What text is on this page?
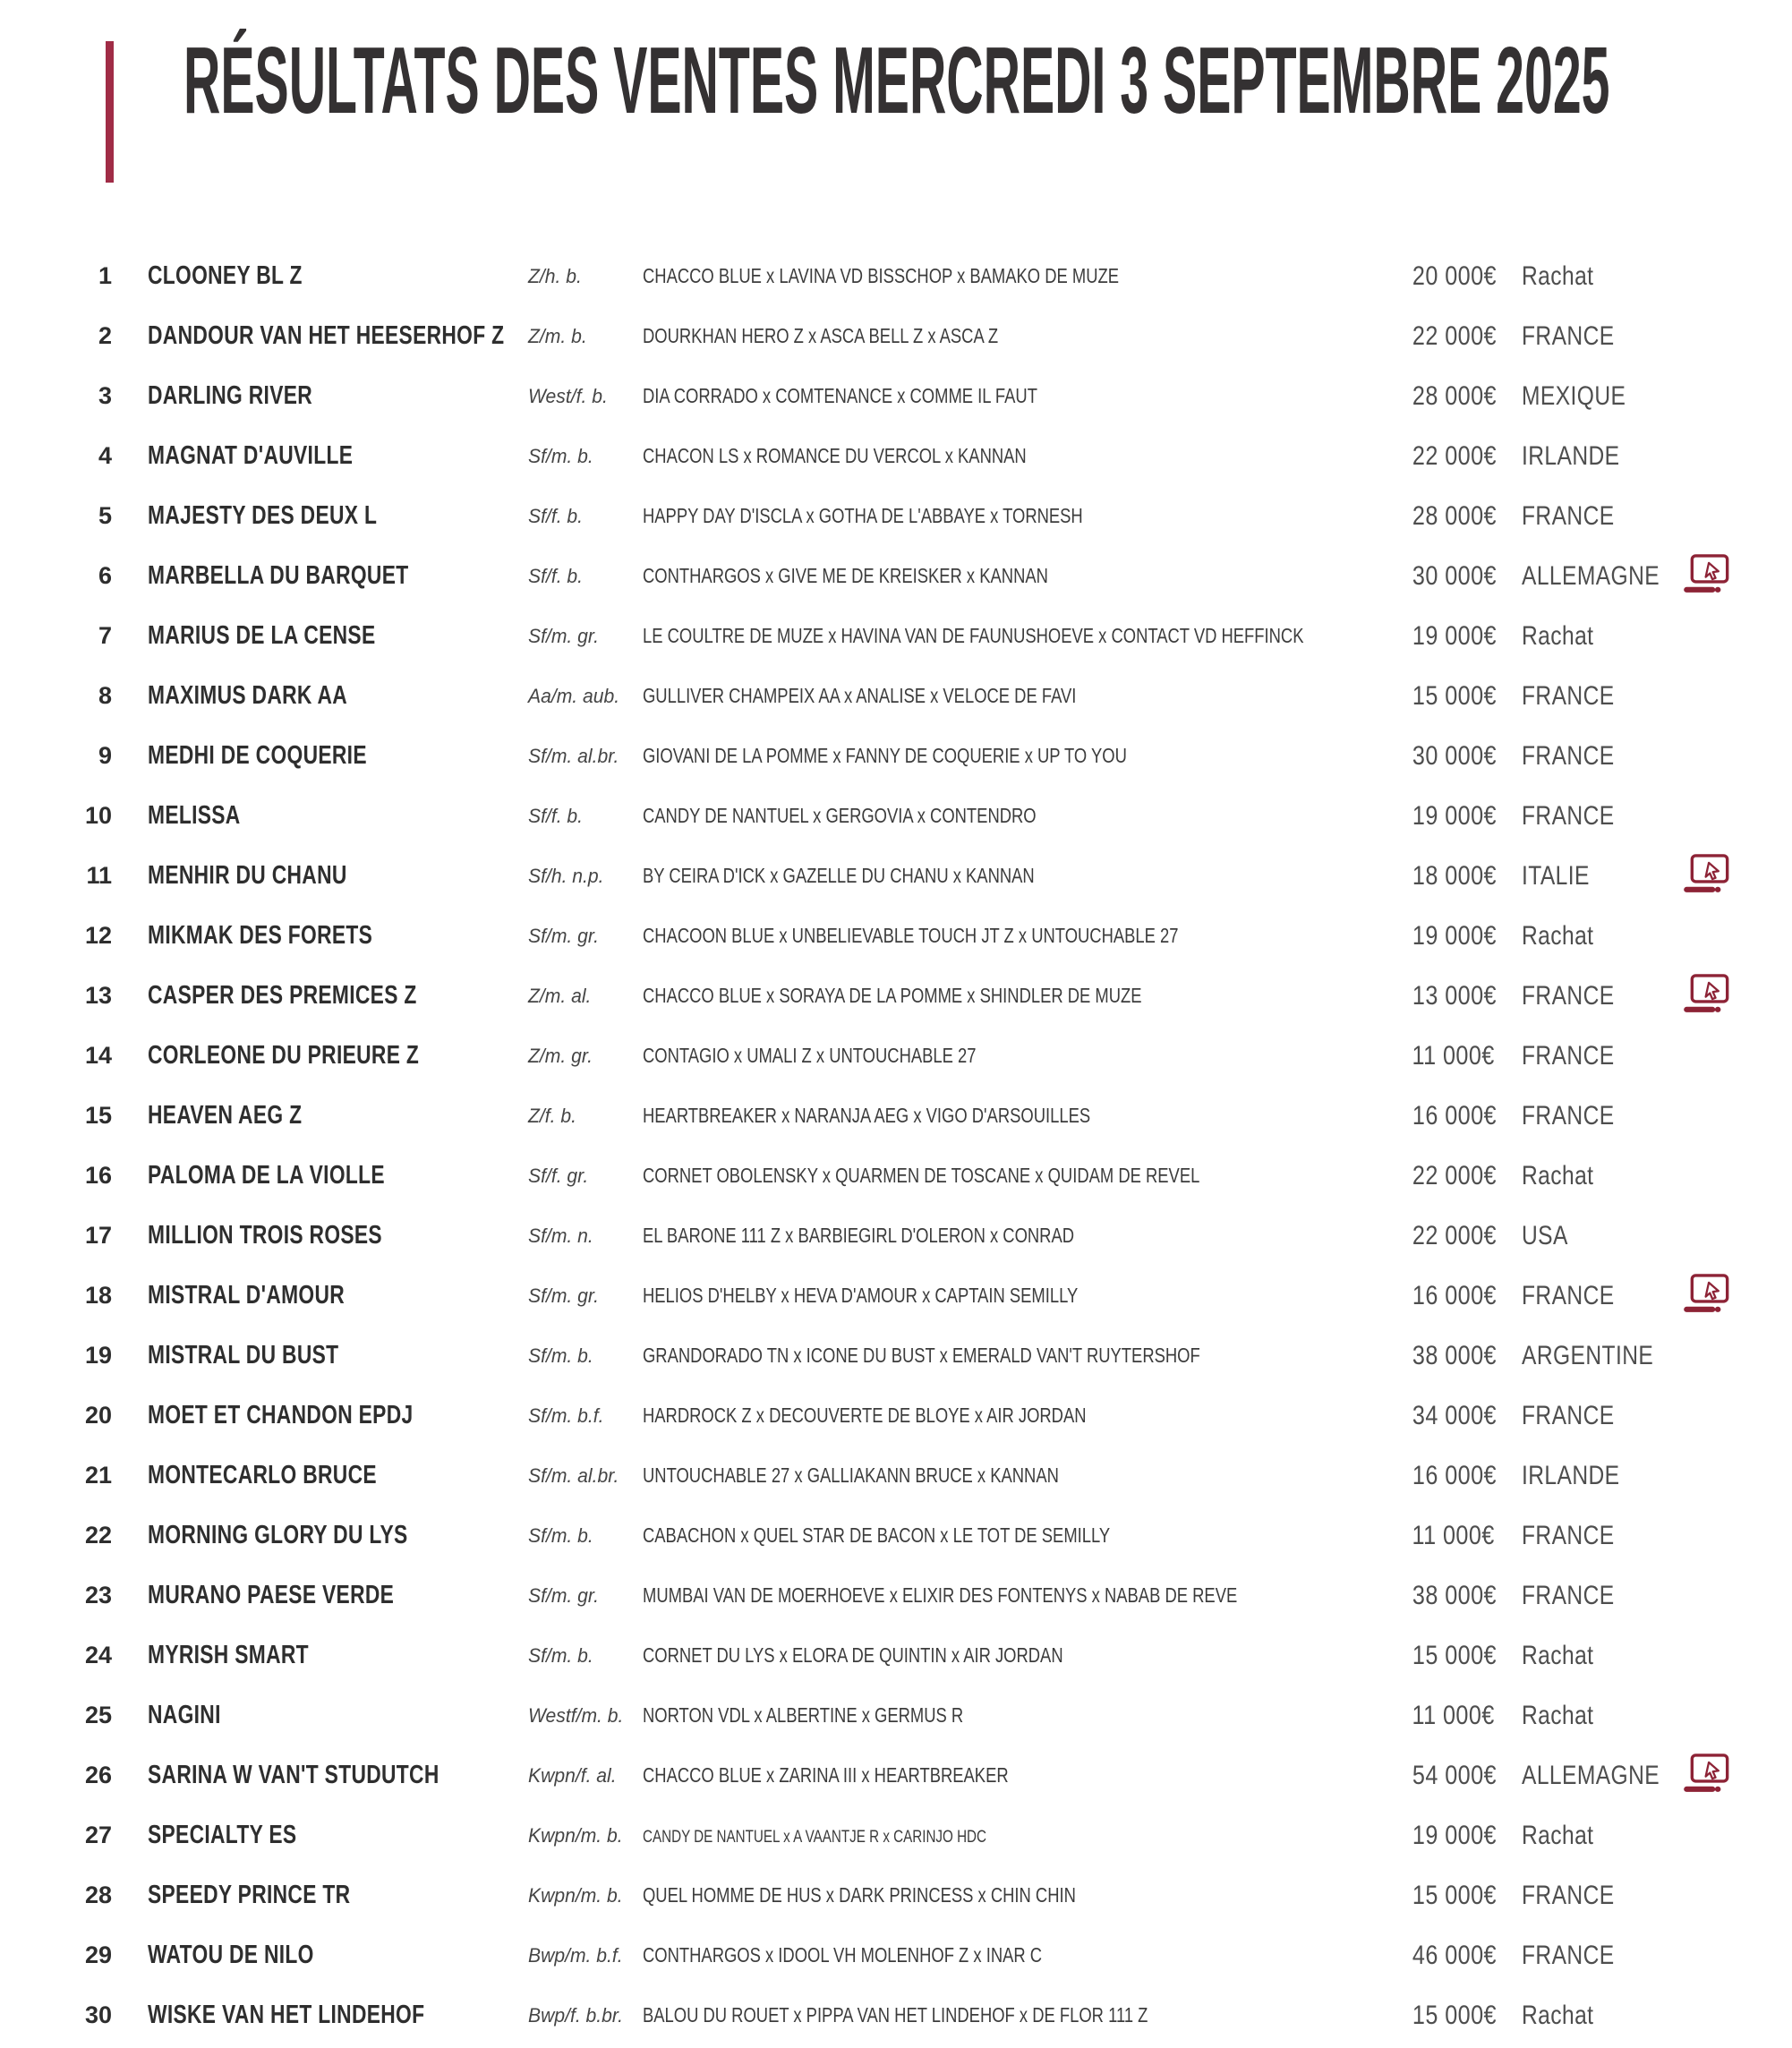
RÉSULTATS DES VENTES MERCREDI 3 SEPTEMBRE 2025
1	CLOONEY BL Z	Z/h. b.	CHACCO BLUE x LAVINA VD BISSCHOP x BAMAKO DE MUZE	20 000€ Rachat
2	DANDOUR VAN HET HEESERHOF Z	Z/m. b.	DOURKHAN HERO Z x ASCA BELL Z x ASCA Z	22 000€ FRANCE
3	DARLING RIVER	West/f. b.	DIA CORRADO x COMTENANCE x COMME IL FAUT	28 000€ MEXIQUE
4	MAGNAT D'AUVILLE	Sf/m. b.	CHACON LS x ROMANCE DU VERCOL x KANNAN	22 000€ IRLANDE
5	MAJESTY DES DEUX L	Sf/f. b.	HAPPY DAY D'ISCLA x GOTHA DE L'ABBAYE x TORNESH	28 000€ FRANCE
6	MARBELLA DU BARQUET	Sf/f. b.	CONTHARGOS x GIVE ME DE KREISKER x KANNAN	30 000€ ALLEMAGNE
7	MARIUS DE LA CENSE	Sf/m. gr.	LE COULTRE DE MUZE x HAVINA VAN DE FAUNUSHOEVE x CONTACT VD HEFFINCK	19 000€ Rachat
8	MAXIMUS DARK AA	Aa/m. aub.	GULLIVER CHAMPEIX AA x ANALISE x VELOCE DE FAVI	15 000€ FRANCE
9	MEDHI DE COQUERIE	Sf/m. al.br.	GIOVANI DE LA POMME x FANNY DE COQUERIE x UP TO YOU	30 000€ FRANCE
10	MELISSA	Sf/f. b.	CANDY DE NANTUEL x GERGOVIA x CONTENDRO	19 000€ FRANCE
11	MENHIR DU CHANU	Sf/h. n.p.	BY CEIRA D'ICK x GAZELLE DU CHANU x KANNAN	18 000€ ITALIE
12	MIKMAK DES FORETS	Sf/m. gr.	CHACOON BLUE x UNBELIEVABLE TOUCH JT Z x UNTOUCHABLE 27	19 000€ Rachat
13	CASPER DES PREMICES Z	Z/m. al.	CHACCO BLUE x SORAYA DE LA POMME x SHINDLER DE MUZE	13 000€ FRANCE
14	CORLEONE DU PRIEURE Z	Z/m. gr.	CONTAGIO x UMALI Z x UNTOUCHABLE 27	11 000€	FRANCE
15	HEAVEN AEG Z	Z/f. b.	HEARTBREAKER x NARANJA AEG x VIGO D'ARSOUILLES	16 000€ FRANCE
16	PALOMA DE LA VIOLLE	Sf/f. gr.	CORNET OBOLENSKY x QUARMEN DE TOSCANE x QUIDAM DE REVEL	22 000€ Rachat
17	MILLION TROIS ROSES	Sf/m. n.	EL BARONE 111 Z x BARBIEGIRL D'OLERON x CONRAD	22 000€ USA
18	MISTRAL D'AMOUR	Sf/m. gr.	HELIOS D'HELBY x HEVA D'AMOUR x CAPTAIN SEMILLY	16 000€ FRANCE
19	MISTRAL DU BUST	Sf/m. b.	GRANDORADO TN x ICONE DU BUST x EMERALD VAN'T RUYTERSHOF	38 000€ ARGENTINE
20	MOET ET CHANDON EPDJ	Sf/m. b.f.	HARDROCK Z x DECOUVERTE DE BLOYE x AIR JORDAN	34 000€ FRANCE
21	MONTECARLO BRUCE	Sf/m. al.br.	UNTOUCHABLE 27 x GALLIAKANN BRUCE x KANNAN	16 000€ IRLANDE
22	MORNING GLORY DU LYS	Sf/m. b.	CABACHON x QUEL STAR DE BACON x LE TOT DE SEMILLY	11 000€	FRANCE
23	MURANO PAESE VERDE	Sf/m. gr.	MUMBAI VAN DE MOERHOEVE x ELIXIR DES FONTENYS x NABAB DE REVE	38 000€ FRANCE
24	MYRISH SMART	Sf/m. b.	CORNET DU LYS x ELORA DE QUINTIN x AIR JORDAN	15 000€ Rachat
25	NAGINI	Westf/m. b. NORTON VDL x ALBERTINE x GERMUS R	11 000€	Rachat
26	SARINA W VAN'T STUDUTCH	Kwpn/f. al.	CHACCO BLUE x ZARINA III x HEARTBREAKER	54 000€ ALLEMAGNE
27	SPECIALTY ES	Kwpn/m. b.	CANDY DE NANTUEL x A VAANTJE R x CARINJO HDC	19 000€ Rachat
28	SPEEDY PRINCE TR	Kwpn/m. b. QUEL HOMME DE HUS x DARK PRINCESS x CHIN CHIN	15 000€ FRANCE
29	WATOU DE NILO	Bwp/m. b.f. CONTHARGOS x IDOOL VH MOLENHOF Z x INAR C	46 000€ FRANCE
30	WISKE VAN HET LINDEHOF	Bwp/f. b.br. BALOU DU ROUET x PIPPA VAN HET LINDEHOF x DE FLOR 111 Z	15 000€ Rachat
